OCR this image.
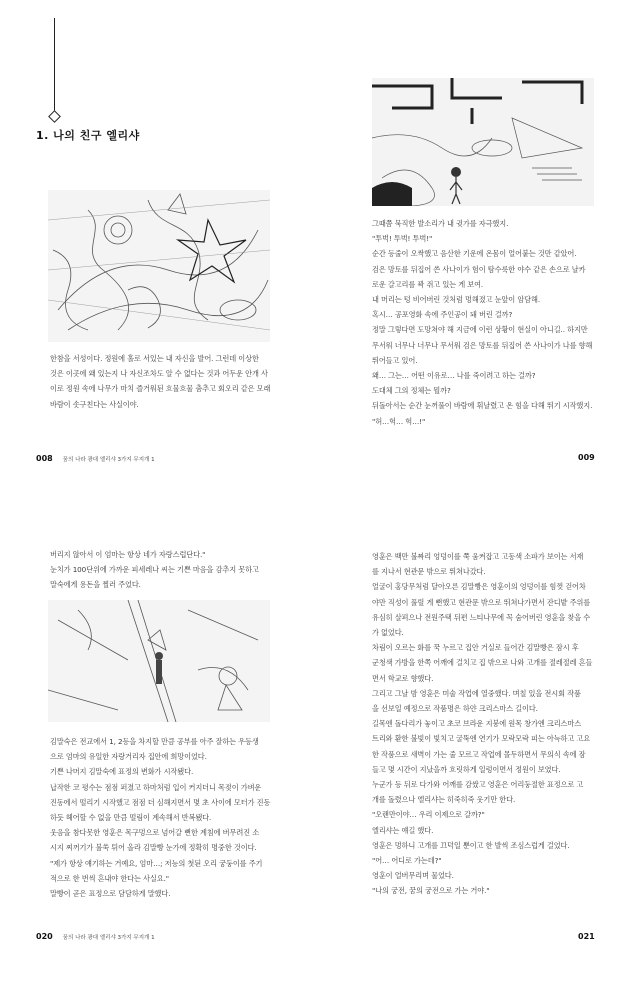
1. 나의 친구 엘리샤

한참을 서성이다. 정원에 홀로 서있는 내 자신을 발어. 그런데 이상한

것은 이곳에 왜 있는지 나 자신조차도 알 수 없다는 것과 어두운 안개 사

이로 정원 속에 나무가 마치 즐거워된 흐물흐물 춤추고 회오리 같은 모래

바람이 솟구친다는 사실이야.

008 꿈의 나라 광대 엘리샤 3가지 무지개 1

그때쯤 묵직한 발소리가 내 귓가를 자극했지.

"투벅! 투벅! 투벅!"

순간 등줄이 오싹했고 음산한 기운에 온몸이 얼어붙는 것만 같았어.

검은 망토를 뒤집어 쓴 사나이가 험이 탐수룩한 야수 같은 손으로 날카

로운 갈고리를 꽉 쥐고 있는 게 보여.

내 머리는 텅 비어버린 것처럼 멍해졌고 눈앞이 암담해.

혹시… 공포영화 속에 주인공이 돼 버린 걸까?

정말 그렇다면 도망쳐야 해 지금에 이런 상황이 현실이 아니길.. 하지만

무서워 너무나 너무나 무서워 검은 망토를 뒤집어 쓴 사나이가 나를 향해

뛰어들고 있어.

왜… 그는… 어떤 이유로… 나를 죽이려고 하는 걸까?

도대체 그의 정체는 뭘까?

뒤돌아서는 순간 눈꺼풀이 바람에 휘날렸고 온 힘을 다해 뛰기 시작했지.

"허…헉… 헉…!"

009

버리지 않아서 이 엄마는 항상 네가 자랑스럽단다."

눈치가 100단위에 가까운 피세레나 씨는 기쁜 마음을 감추지 못하고

말숙에게 용돈을 찔러 주었다.

김말숙은 전교에서 1, 2등을 차지할 만큼 공부를 아주 잘하는 우등생

으로 엄마의 유일한 자랑거리자 집안에 희망이었다.

기쁜 나머지 김말숙에 표정의 변화가 시작됐다.

납작한 코 평수는 점점 퍼졌고 하마처럼 입이 커지더니 목젖이 가벼운

진동에서 떨리기 시작했고 점점 더 심해지면서 몇 초 사이에 모터가 진동

하듯 헤어할 수 없을 만큼 떨림이 계속해서 반복됐다.

웃음을 참다못한 영훈은 목구멍으로 넘어갈 뻔한 계침에 버무려진 소

시지 찌꺼기가 불쑥 튀어 올라 김말빵 눈가에 정확히 명중한 것이다.

"제가 항상 얘기하는 거예요, 엄마…; 저능의 첫된 오리 궁둥이를 주기

적으로 한 번씩 흔내야 한다는 사실요."

말빵이 곧은 표정으로 담담하게 말했다.

020 꿈의 나라 광대 엘리샤 3가지 무지개 1

영훈은 백만 불짜리 엉덩이를 쭉 움켜잡고 고동색 소파가 보이는 서재

를 지나서 현관문 밖으로 뛰쳐나갔다.

얼굴이 홍당무처럼 달아오른 김말빵은 영훈이의 엉덩이를 힘껏 걷어차

야만 직성이 풀릴 게 뻔했고 현관문 밖으로 뛰쳐나가면서 잔디밭 주위를

유심히 살펴으나 전원주택 뒤편 느티나무에 꼭 숨어버린 영훈을 찾을 수

가 없었다.

차림이 오르는 화를 꾹 누르고 집안 거실로 들어간 김말빵은 잠시 후

군청색 가방을 한쪽 어깨에 걸치고 집 밖으로 나와 고개를 절레절레 흔들

면서 학교로 향했다.

그리고 그날 밤 영훈은 미술 작업에 열중했다. 며칠 있을 전시회 작품

을 선보일 예정으로 작품명은 하얀 크리스마스 길이다.

길목엔 돌다리가 놓이고 초코 브라운 지붕에 원목 창가엔 크리스마스

트리와 환한 불빛이 빛치고 굴뚝엔 연기가 모락모락 피는 아늑하고 고요

한 작품으로 새벽이 가는 줄 모르고 작업에 몰두하면서 무의식 속에 잠

들고 몇 시간이 지났을까 흐릿하게 일렁이면서 정원이 보였다.

누군가 등 뒤로 다가와 어깨를 감쌌고 영훈은 어리둥절한 표정으로 고

개를 돌렸으나 엘리샤는 히죽히죽 웃기만 한다.

"오랜만이야… 우리 이제으로 갈까?"

엘리샤는 얘길 했다.

영훈은 멍하니 고개를 끄덕일 뿐이고 한 발씩 조심스럽게 걸었다.

"어… 어디로 가는데?"

영훈이 얼버무리며 물었다.

"나의 궁전, 꿈의 궁전으로 가는 거야."

021
